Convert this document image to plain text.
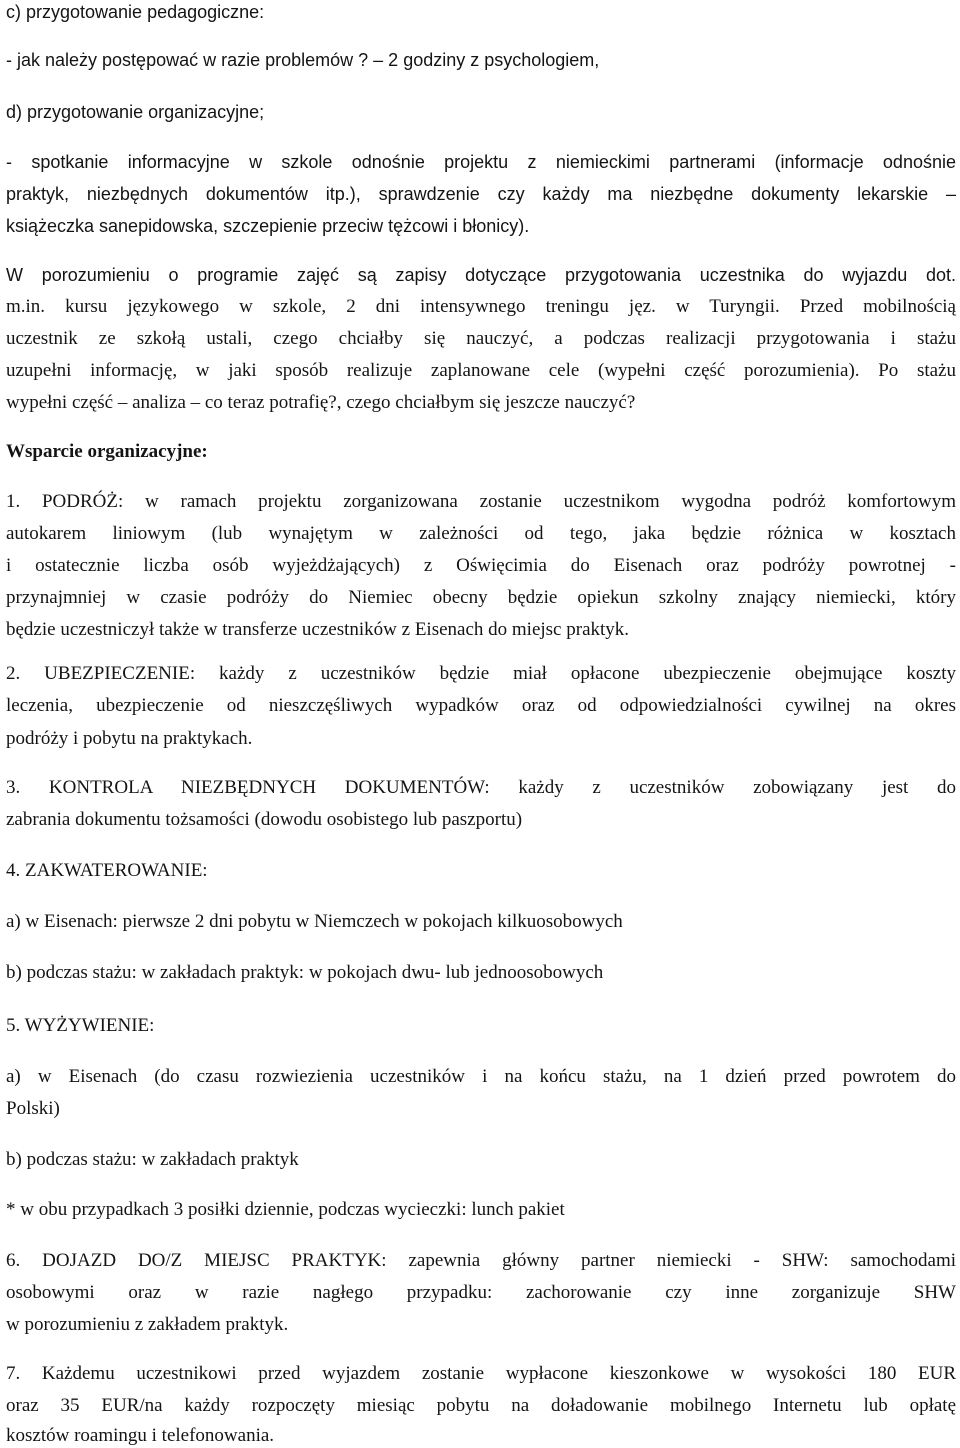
c) przygotowanie pedagogiczne:
- jak należy postępować w razie problemów ? – 2 godziny z psychologiem,
d) przygotowanie organizacyjne;
- spotkanie informacyjne w szkole odnośnie projektu z niemieckimi partnerami (informacje odnośnie
praktyk, niezbędnych dokumentów itp.), sprawdzenie czy każdy ma niezbędne dokumenty lekarskie –
książeczka sanepidowska, szczepienie przeciw tężcowi i błonicy).
W porozumieniu o programie zajęć są zapisy dotyczące przygotowania uczestnika do wyjazdu dot.
m.in. kursu językowego w szkole, 2 dni intensywnego treningu jęz. w Turyngii. Przed mobilnością
uczestnik ze szkołą ustali, czego chciałby się nauczyć, a podczas realizacji przygotowania i stażu
uzupełni informację, w jaki sposób realizuje zaplanowane cele (wypełni część porozumienia). Po stażu
wypełni część – analiza – co teraz potrafię?, czego chciałbym się jeszcze nauczyć?
Wsparcie organizacyjne:
1. PODRÓŻ: w ramach projektu zorganizowana zostanie uczestnikom wygodna podróż komfortowym
autokarem liniowym (lub wynajętym w zależności od tego, jaka będzie różnica w kosztach
i ostatecznie liczba osób wyjeżdżających) z Oświęcimia do Eisenach oraz podróży powrotnej -
przynajmniej w czasie podróży do Niemiec obecny będzie opiekun szkolny znający niemiecki, który
będzie uczestniczył także w transferze uczestników z Eisenach do miejsc praktyk.
2. UBEZPIECZENIE: każdy z uczestników będzie miał opłacone ubezpieczenie obejmujące koszty
leczenia, ubezpieczenie od nieszczęśliwych wypadków oraz od odpowiedzialności cywilnej na okres
podróży i pobytu na praktykach.
3. KONTROLA NIEZBĘDNYCH DOKUMENTÓW: każdy z uczestników zobowiązany jest do
zabrania dokumentu tożsamości (dowodu osobistego lub paszportu)
4. ZAKWATEROWANIE:
a) w Eisenach: pierwsze 2 dni pobytu w Niemczech w pokojach kilkuosobowych
b) podczas stażu: w zakładach praktyk: w pokojach dwu- lub jednoosobowych
5. WYŻYWIENIE:
a) w Eisenach (do czasu rozwiezienia uczestników i na końcu stażu, na 1 dzień przed powrotem do
Polski)
b) podczas stażu: w zakładach praktyk
* w obu przypadkach 3 posiłki dziennie, podczas wycieczki: lunch pakiet
6. DOJAZD DO/Z MIEJSC PRAKTYK: zapewnia główny partner niemiecki - SHW: samochodami
osobowymi oraz w razie nagłego przypadku: zachorowanie czy inne zorganizuje SHW
w porozumieniu z zakładem praktyk.
7. Każdemu uczestnikowi przed wyjazdem zostanie wypłacone kieszonkowe w wysokości 180 EUR
oraz 35 EUR/na każdy rozpoczęty miesiąc pobytu na doładowanie mobilnego Internetu lub opłatę
kosztów roamingu i telefonowania.
